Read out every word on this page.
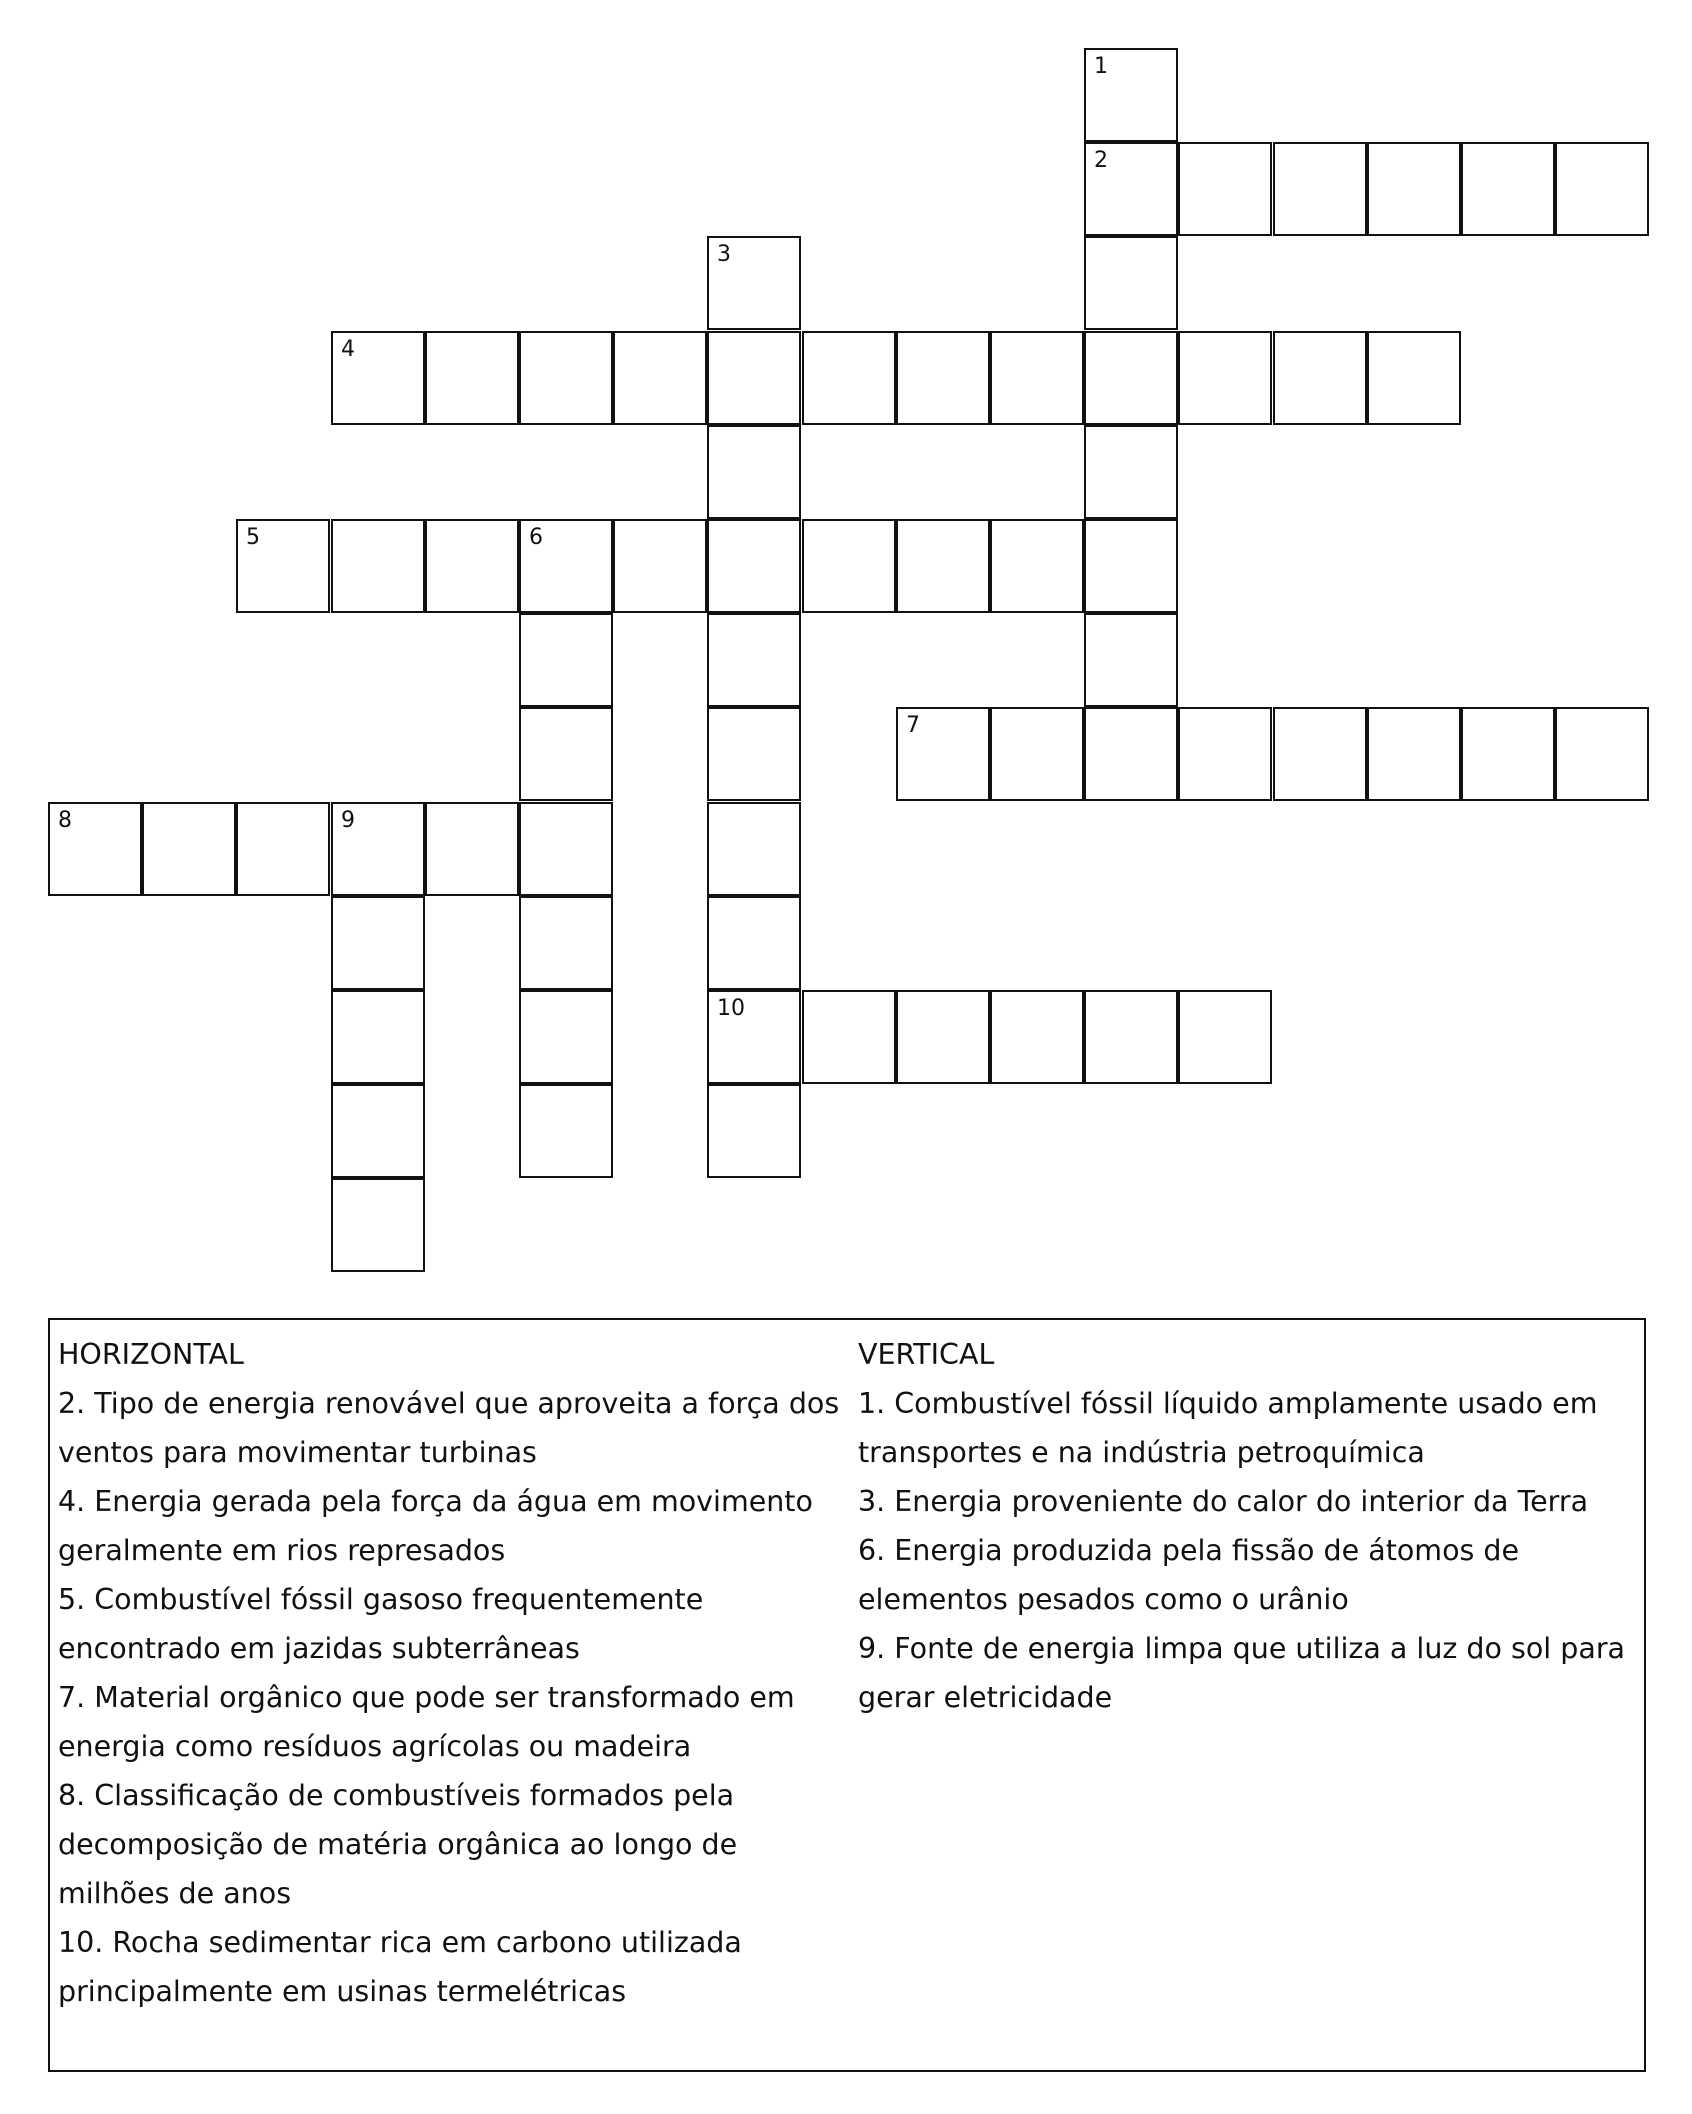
1
2
3
10
4
5	6
7
8	9
HORIZONTAL
2. Tipo de energia renovável que aproveita a força dos ventos para movimentar turbinas
4. Energia gerada pela força da água em movimento geralmente em rios represados
5. Combustível fóssil gasoso frequentemente encontrado em jazidas subterrâneas
7. Material orgânico que pode ser transformado em energia como resíduos agrícolas ou madeira
8. Classificação de combustíveis formados pela decomposição de matéria orgânica ao longo de milhões de anos
10. Rocha sedimentar rica em carbono utilizada principalmente em usinas termelétricas
VERTICAL
1. Combustível fóssil líquido amplamente usado em transportes e na indústria petroquímica
3. Energia proveniente do calor do interior da Terra
6. Energia produzida pela fissão de átomos de elementos pesados como o urânio
9. Fonte de energia limpa que utiliza a luz do sol para gerar eletricidade
